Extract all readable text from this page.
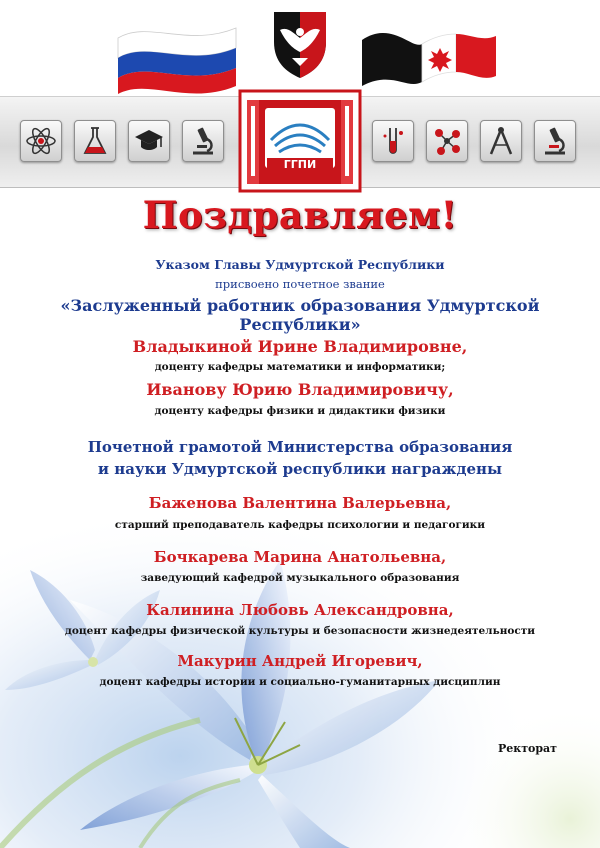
ГГПИ
Поздравляем!
Указом Главы Удмуртской Республики
присвоено почетное звание
«Заслуженный работник образования Удмуртской Республики»
Владыкиной Ирине Владимировне,
доценту кафедры математики и информатики;
Иванову Юрию Владимировичу,
доценту кафедры физики и дидактики физики
Почетной грамотой Министерства образования
и науки Удмуртской республики награждены
Баженова Валентина Валерьевна,
старший преподаватель кафедры психологии и педагогики
Бочкарева Марина Анатольевна,
заведующий кафедрой музыкального образования
Калинина Любовь Александровна,
доцент кафедры физической культуры и безопасности жизнедеятельности
Макурин Андрей Игоревич,
доцент кафедры истории и социально-гуманитарных дисциплин
Ректорат
